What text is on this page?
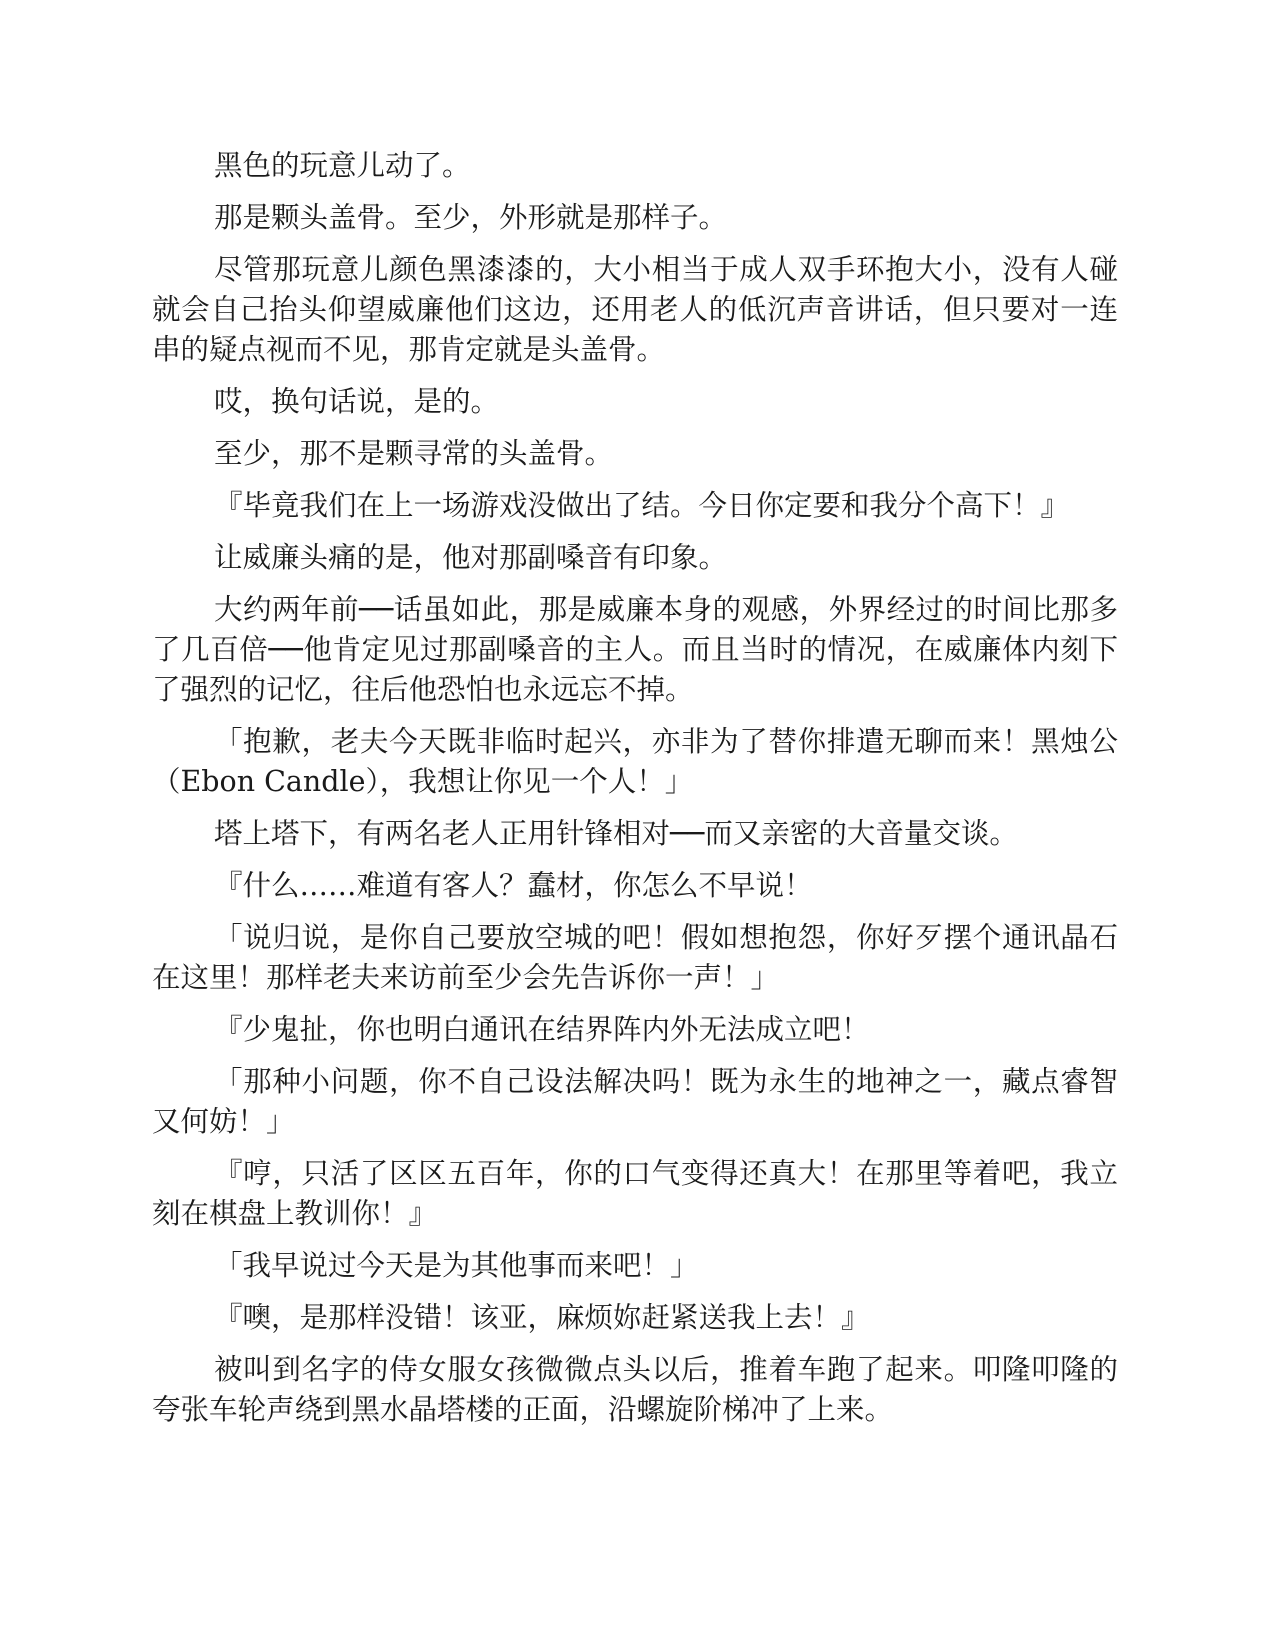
黑色的玩意儿动了。

那是颗头盖骨。至少，外形就是那样子。

尽管那玩意儿颜色黑漆漆的，大小相当于成人双手环抱大小，没有人碰就会自己抬头仰望威廉他们这边，还用老人的低沉声音讲话，但只要对一连串的疑点视而不见，那肯定就是头盖骨。

哎，换句话说，是的。

至少，那不是颗寻常的头盖骨。

『毕竟我们在上一场游戏没做出了结。今日你定要和我分个高下！』

让威廉头痛的是，他对那副嗓音有印象。

大约两年前──话虽如此，那是威廉本身的观感，外界经过的时间比那多了几百倍──他肯定见过那副嗓音的主人。而且当时的情况，在威廉体内刻下了强烈的记忆，往后他恐怕也永远忘不掉。

「抱歉，老夫今天既非临时起兴，亦非为了替你排遣无聊而来！黑烛公（Ebon Candle），我想让你见一个人！」

塔上塔下，有两名老人正用针锋相对──而又亲密的大音量交谈。

『什么……难道有客人？蠢材，你怎么不早说！

「说归说，是你自己要放空城的吧！假如想抱怨，你好歹摆个通讯晶石在这里！那样老夫来访前至少会先告诉你一声！」

『少鬼扯，你也明白通讯在结界阵内外无法成立吧！

「那种小问题，你不自己设法解决吗！既为永生的地神之一，藏点睿智又何妨！」

『哼，只活了区区五百年，你的口气变得还真大！在那里等着吧，我立刻在棋盘上教训你！』

「我早说过今天是为其他事而来吧！」

『噢，是那样没错！该亚，麻烦妳赶紧送我上去！』

被叫到名字的侍女服女孩微微点头以后，推着车跑了起来。叩隆叩隆的夸张车轮声绕到黑水晶塔楼的正面，沿螺旋阶梯冲了上来。
